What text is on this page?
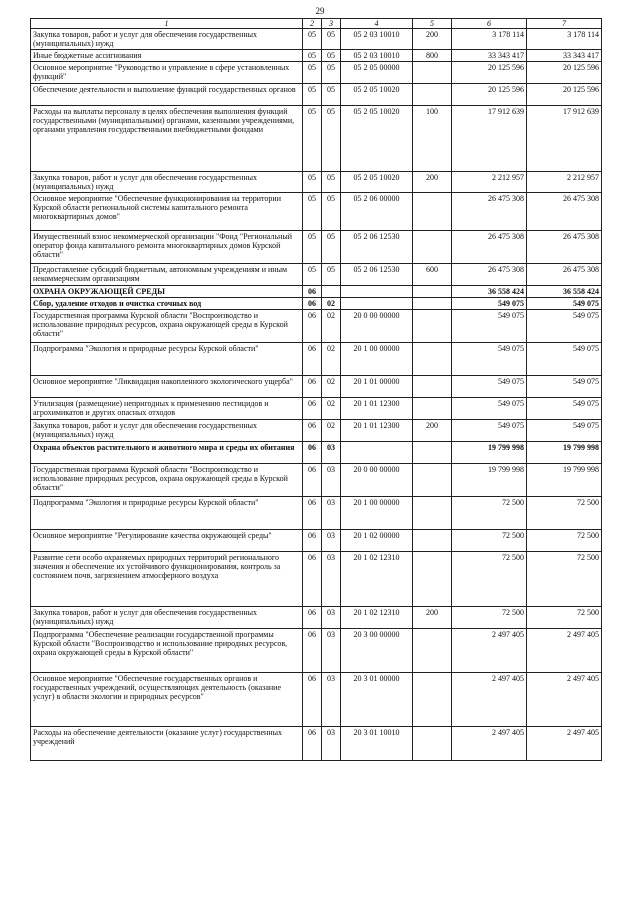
29
1	2	3	4	5	6	7
Закупка товаров, работ и услуг для обеспечения государственных (муниципальных) нужд	05	05	05 2 03 10010	200	3 178 114	3 178 114
Иные бюджетные ассигнования	05	05	05 2 03 10010	800	33 343 417	33 343 417
Основное мероприятие "Руководство и управление в сфере установленных функций"	05	05	05 2 05 00000		20 125 596	20 125 596
Обеспечение деятельности и выполнение функций государственных органов	05	05	05 2 05 10020		20 125 596	20 125 596
Расходы на выплаты персоналу в целях обеспечения выполнения функций государственными (муниципальными) органами, казенными учреждениями, органами управления государственными внебюджетными фондами	05	05	05 2 05 10020	100	17 912 639	17 912 639
Закупка товаров, работ и услуг для обеспечения государственных (муниципальных) нужд	05	05	05 2 05 10020	200	2 212 957	2 212 957
Основное мероприятие "Обеспечение функционирования на территории Курской области региональной системы капитального ремонта многоквартирных домов"	05	05	05 2 06 00000		26 475 308	26 475 308
Имущественный взнос некоммерческой организации "Фонд "Региональный оператор фонда капитального ремонта многоквартирных домов Курской области"	05	05	05 2 06 12530		26 475 308	26 475 308
Предоставление субсидий бюджетным, автономным учреждениям и иным некоммерческим организациям	05	05	05 2 06 12530	600	26 475 308	26 475 308
ОХРАНА ОКРУЖАЮЩЕЙ СРЕДЫ	06				36 558 424	36 558 424
Сбор, удаление отходов и очистка сточных вод	06	02			549 075	549 075
Государственная программа Курской области "Воспроизводство и использование природных ресурсов, охрана окружающей среды в Курской области"	06	02	20 0 00 00000		549 075	549 075
Подпрограмма "Экология и природные ресурсы Курской области"	06	02	20 1 00 00000		549 075	549 075
Основное мероприятие "Ликвидация накопленного экологического ущерба"	06	02	20 1 01 00000		549 075	549 075
Утилизация (размещение) непригодных к применению пестицидов и агрохимикатов и других опасных отходов	06	02	20 1 01 12300		549 075	549 075
Закупка товаров, работ и услуг для обеспечения государственных (муниципальных) нужд	06	02	20 1 01 12300	200	549 075	549 075
Охрана объектов растительного и животного мира и среды их обитания	06	03			19 799 998	19 799 998
Государственная программа Курской области "Воспроизводство и использование природных ресурсов, охрана окружающей среды в Курской области"	06	03	20 0 00 00000		19 799 998	19 799 998
Подпрограмма "Экология и природные ресурсы Курской области"	06	03	20 1 00 00000		72 500	72 500
Основное мероприятие "Регулирование качества окружающей среды"	06	03	20 1 02 00000		72 500	72 500
Развитие сети особо охраняемых природных территорий регионального значения и обеспечение их устойчивого функционирования, контроль за состоянием почв, загрязнением атмосферного воздуха	06	03	20 1 02 12310		72 500	72 500
Закупка товаров, работ и услуг для обеспечения государственных (муниципальных) нужд	06	03	20 1 02 12310	200	72 500	72 500
Подпрограмма "Обеспечение реализации государственной программы Курской области "Воспроизводство и использование природных ресурсов, охрана окружающей среды в Курской области"	06	03	20 3 00 00000		2 497 405	2 497 405
Основное мероприятие "Обеспечение государственных органов и государственных учреждений, осуществляющих деятельность (оказание услуг) в области экологии и природных ресурсов"	06	03	20 3 01 00000		2 497 405	2 497 405
Расходы на обеспечение деятельности (оказание услуг) государственных учреждений	06	03	20 3 01 10010		2 497 405	2 497 405
